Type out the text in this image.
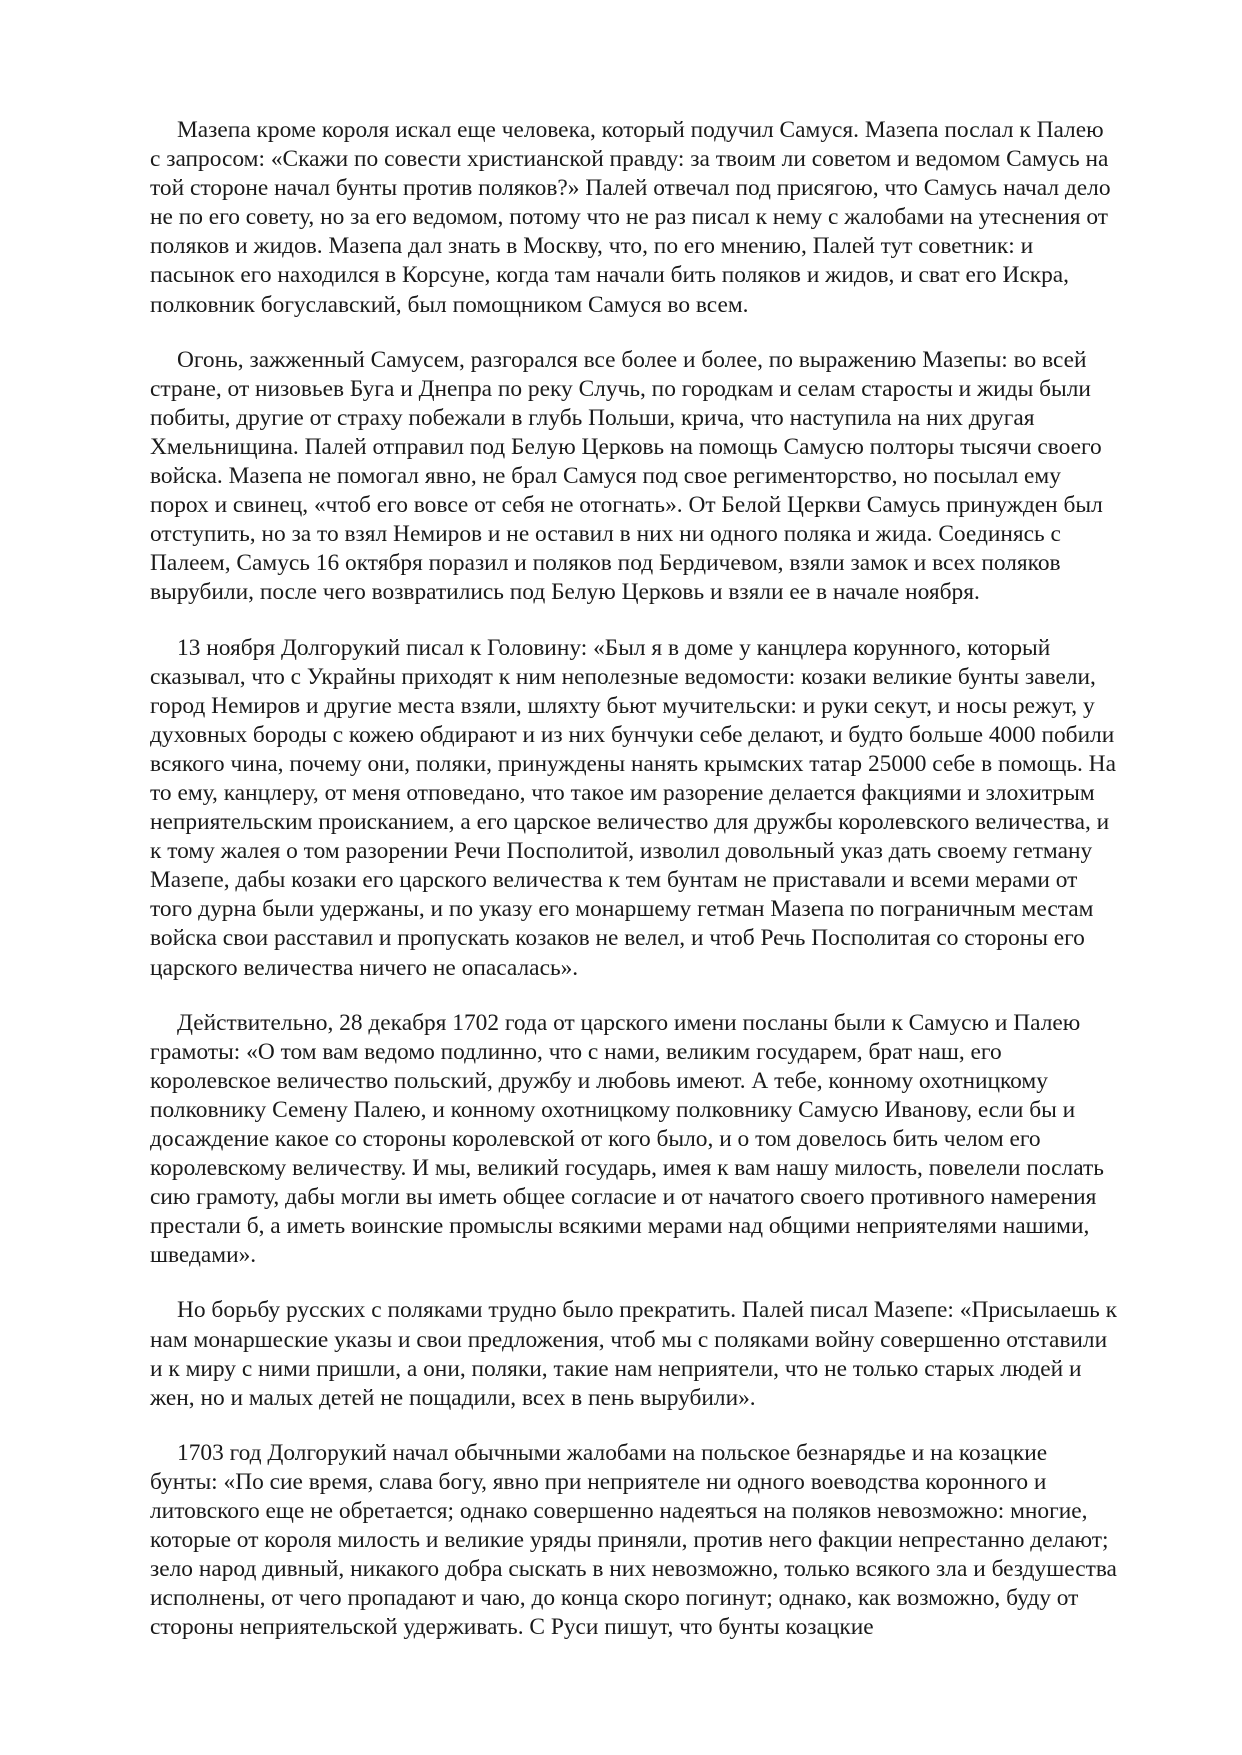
Мазепа кроме короля искал еще человека, который подучил Самуся. Мазепа послал к Палею с запросом: «Скажи по совести христианской правду: за твоим ли советом и ведомом Самусь на той стороне начал бунты против поляков?» Палей отвечал под присягою, что Самусь начал дело не по его совету, но за его ведомом, потому что не раз писал к нему с жалобами на утеснения от поляков и жидов. Мазепа дал знать в Москву, что, по его мнению, Палей тут советник: и пасынок его находился в Корсуне, когда там начали бить поляков и жидов, и сват его Искра, полковник богуславский, был помощником Самуся во всем.

Огонь, зажженный Самусем, разгорался все более и более, по выражению Мазепы: во всей стране, от низовьев Буга и Днепра по реку Случь, по городкам и селам старосты и жиды были побиты, другие от страху побежали в глубь Польши, крича, что наступила на них другая Хмельнищина. Палей отправил под Белую Церковь на помощь Самусю полторы тысячи своего войска. Мазепа не помогал явно, не брал Самуся под свое регименторство, но посылал ему порох и свинец, «чтоб его вовсе от себя не отогнать». От Белой Церкви Самусь принужден был отступить, но за то взял Немиров и не оставил в них ни одного поляка и жида. Соединясь с Палеем, Самусь 16 октября поразил и поляков под Бердичевом, взяли замок и всех поляков вырубили, после чего возвратились под Белую Церковь и взяли ее в начале ноября.

13 ноября Долгорукий писал к Головину: «Был я в доме у канцлера корунного, который сказывал, что с Украйны приходят к ним неполезные ведомости: козаки великие бунты завели, город Немиров и другие места взяли, шляхту бьют мучительски: и руки секут, и носы режут, у духовных бороды с кожею обдирают и из них бунчуки себе делают, и будто больше 4000 побили всякого чина, почему они, поляки, принуждены нанять крымских татар 25000 себе в помощь. На то ему, канцлеру, от меня отповедано, что такое им разорение делается факциями и злохитрым неприятельским происканием, а его царское величество для дружбы королевского величества, и к тому жалея о том разорении Речи Посполитой, изволил довольный указ дать своему гетману Мазепе, дабы козаки его царского величества к тем бунтам не приставали и всеми мерами от того дурна были удержаны, и по указу его монаршему гетман Мазепа по пограничным местам войска свои расставил и пропускать козаков не велел, и чтоб Речь Посполитая со стороны его царского величества ничего не опасалась».

Действительно, 28 декабря 1702 года от царского имени посланы были к Самусю и Палею грамоты: «О том вам ведомо подлинно, что с нами, великим государем, брат наш, его королевское величество польский, дружбу и любовь имеют. А тебе, конному охотницкому полковнику Семену Палею, и конному охотницкому полковнику Самусю Иванову, если бы и досаждение какое со стороны королевской от кого было, и о том довелось бить челом его королевскому величеству. И мы, великий государь, имея к вам нашу милость, повелели послать сию грамоту, дабы могли вы иметь общее согласие и от начатого своего противного намерения престали б, а иметь воинские промыслы всякими мерами над общими неприятелями нашими, шведами».

Но борьбу русских с поляками трудно было прекратить. Палей писал Мазепе: «Присылаешь к нам монаршеские указы и свои предложения, чтоб мы с поляками войну совершенно отставили и к миру с ними пришли, а они, поляки, такие нам неприятели, что не только старых людей и жен, но и малых детей не пощадили, всех в пень вырубили».

1703 год Долгорукий начал обычными жалобами на польское безнарядье и на козацкие бунты: «По сие время, слава богу, явно при неприятеле ни одного воеводства коронного и литовского еще не обретается; однако совершенно надеяться на поляков невозможно: многие, которые от короля милость и великие уряды приняли, против него факции непрестанно делают; зело народ дивный, никакого добра сыскать в них невозможно, только всякого зла и бездушества исполнены, от чего пропадают и чаю, до конца скоро погинут; однако, как возможно, буду от стороны неприятельской удерживать. С Руси пишут, что бунты козацкие
